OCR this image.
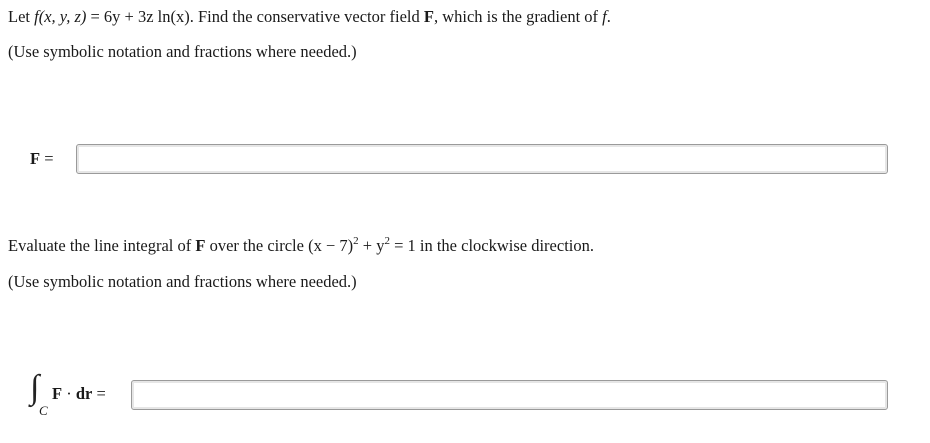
Let f(x, y, z) = 6y + 3z ln(x). Find the conservative vector field F, which is the gradient of f.
(Use symbolic notation and fractions where needed.)
F =
Evaluate the line integral of F over the circle $(x - 7)^2 + y^2 = 1$ in the clockwise direction.
(Use symbolic notation and fractions where needed.)
∫
C
F · dr =
